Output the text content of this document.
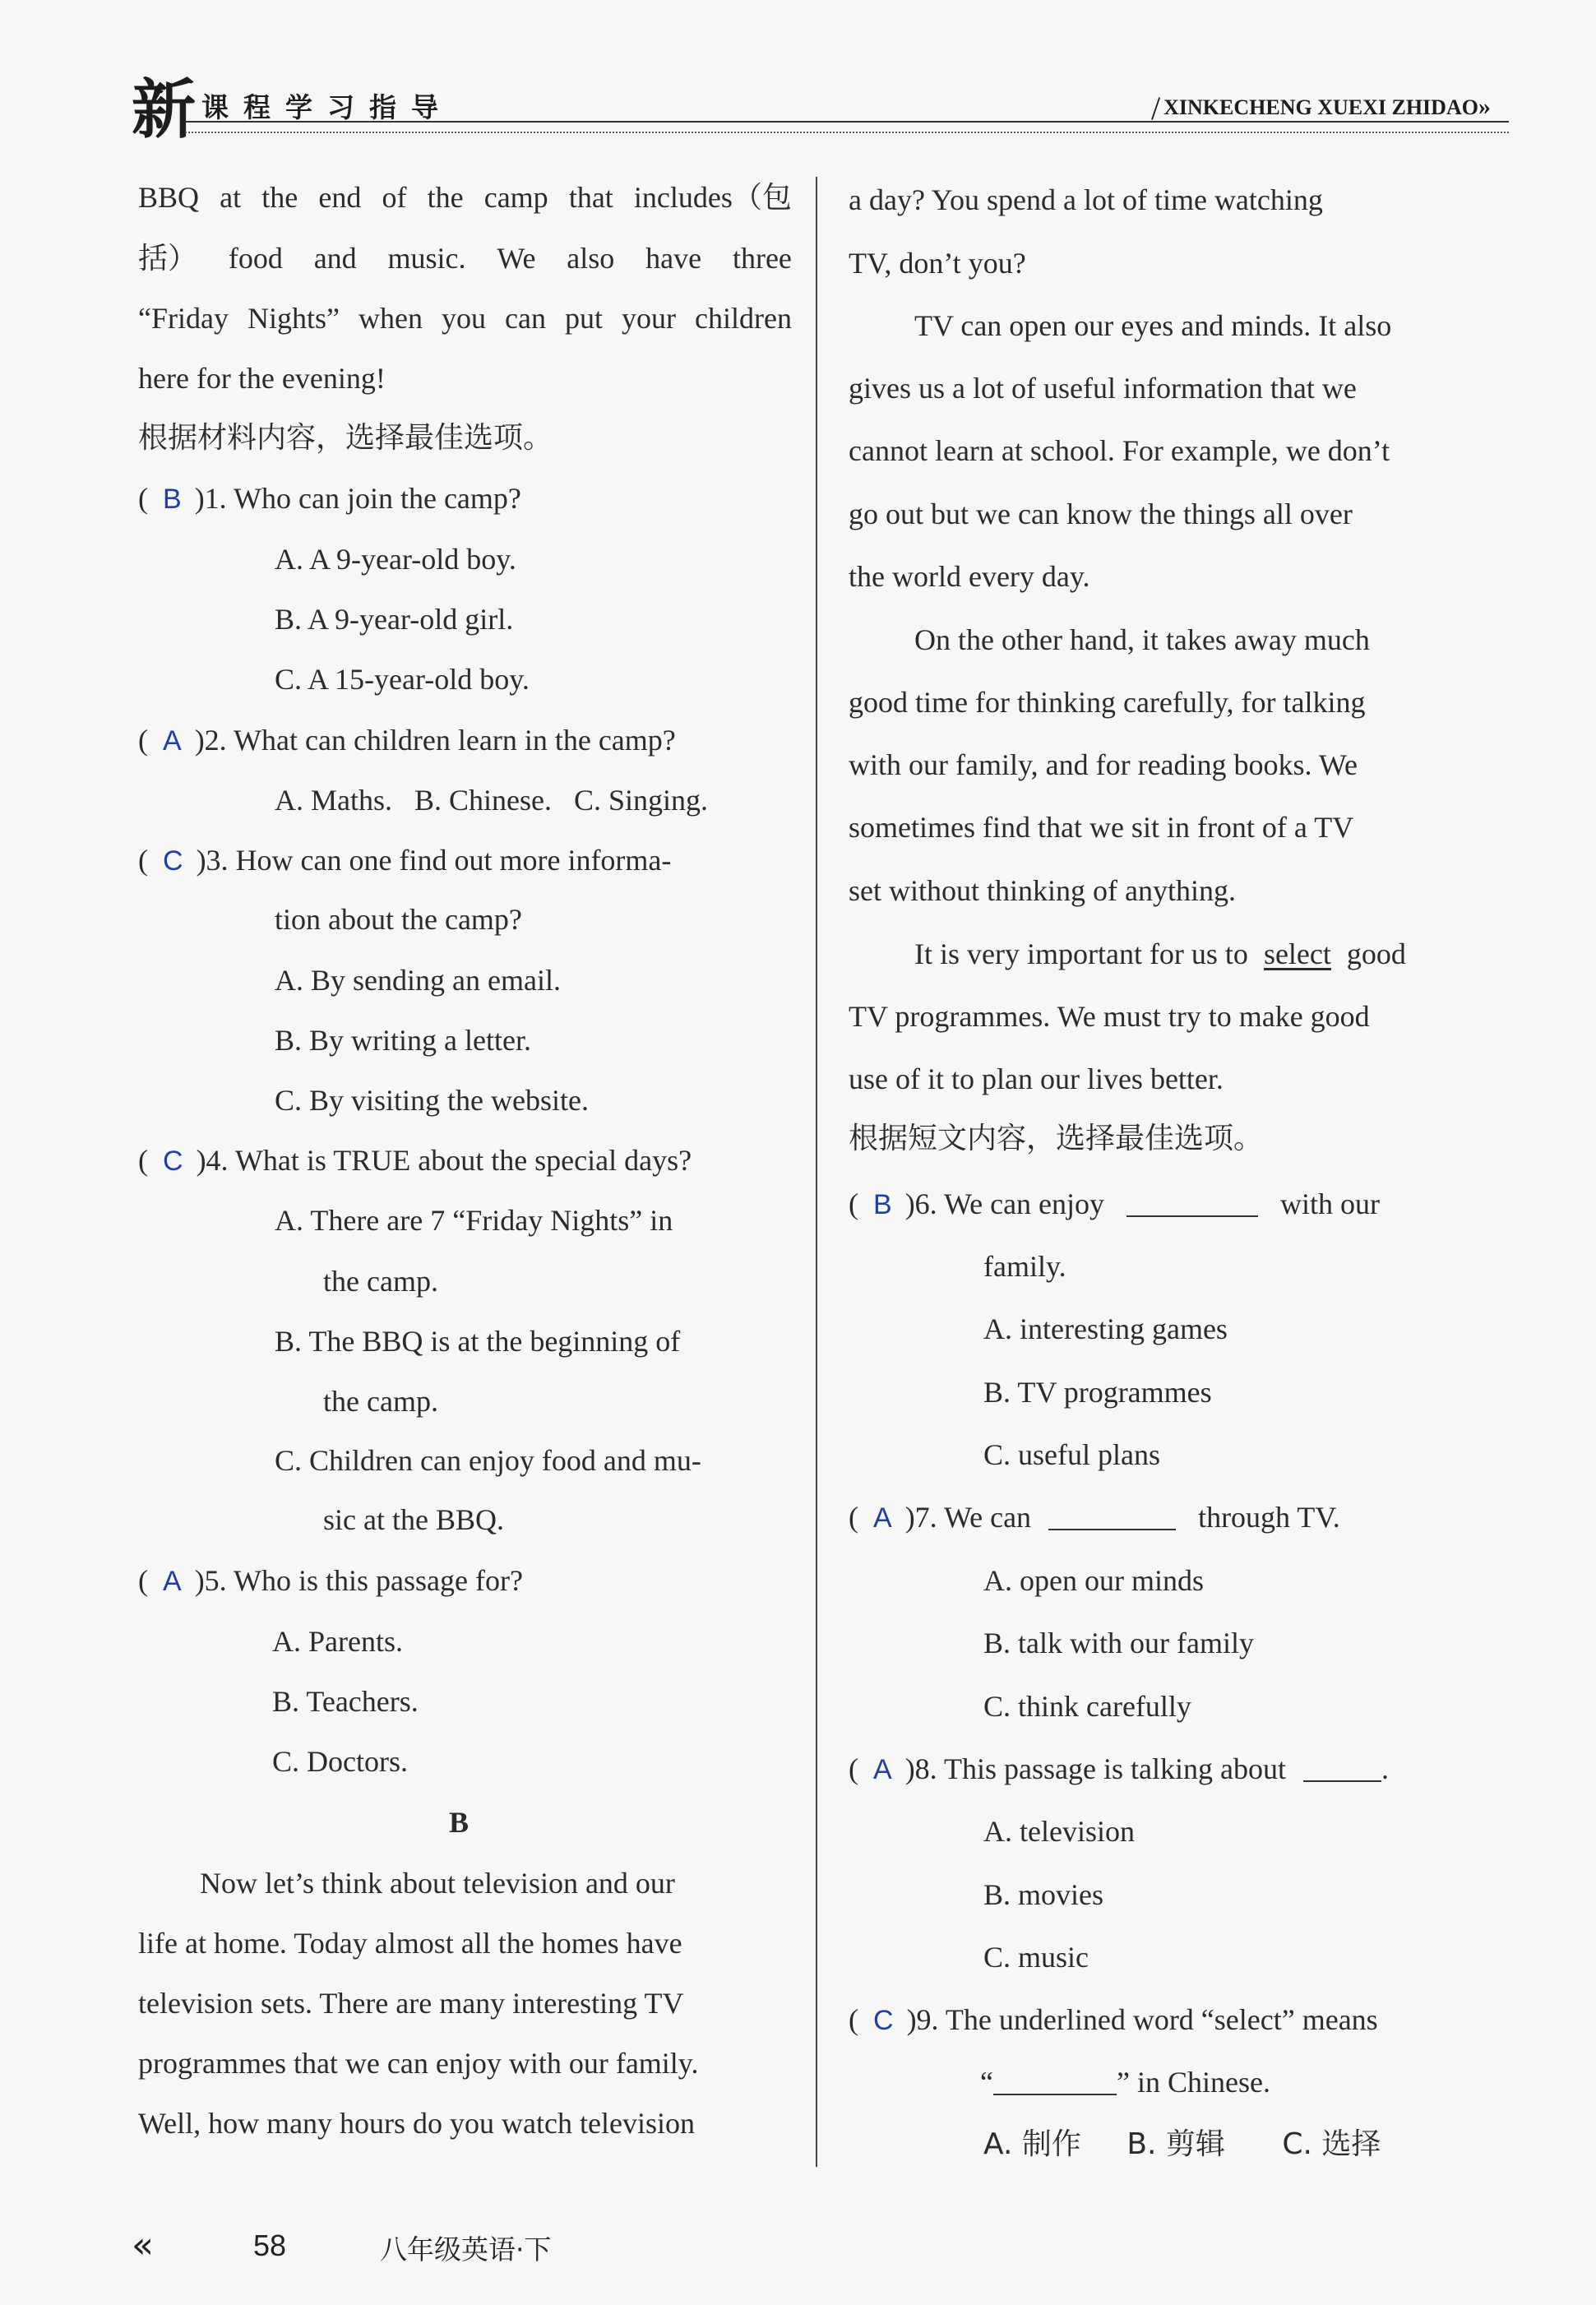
新 课程学习指导	/ XINKECHENG XUEXI ZHIDAO»
BBQ at the end of the camp that includes（包
括） food and music. We also have three
“Friday Nights” when you can put your children
here for the evening!
根据材料内容，选择最佳选项。
(  B )1. Who can join the camp?
A. A 9-year-old boy.
B. A 9-year-old girl.
C. A 15-year-old boy.
(  A )2. What can children learn in the camp?
A. Maths.   B. Chinese.   C. Singing.
(  C )3. How can one find out more informa-
tion about the camp?
A. By sending an email.
B. By writing a letter.
C. By visiting the website.
(  C )4. What is TRUE about the special days?
A. There are 7 “Friday Nights” in
the camp.
B. The BBQ is at the beginning of
the camp.
C. Children can enjoy food and mu-
sic at the BBQ.
(  A )5. Who is this passage for?
A. Parents.
B. Teachers.
C. Doctors.
B
Now let’s think about television and our
life at home. Today almost all the homes have
television sets. There are many interesting TV
programmes that we can enjoy with our family.
Well, how many hours do you watch television
a day? You spend a lot of time watching
TV, don’t you?
TV can open our eyes and minds. It also
gives us a lot of useful information that we
cannot learn at school. For example, we don’t
go out but we can know the things all over
the world every day.
On the other hand, it takes away much
good time for thinking carefully, for talking
with our family, and for reading books. We
sometimes find that we sit in front of a TV
set without thinking of anything.
It is very important for us to select good
TV programmes. We must try to make good
use of it to plan our lives better.
根据短文内容，选择最佳选项。
(  B )6. We can enjoy	with our
family.
A. interesting games
B. TV programmes
C. useful plans
(  A )7. We can	through TV.
A. open our minds
B. talk with our family
C. think carefully
(  A )8. This passage is talking about	.
A. television
B. movies
C. music
(  C )9. The underlined word “select” means
“	” in Chinese.
A. 制作 B. 剪辑 C. 选择
«	58	八年级英语·下
